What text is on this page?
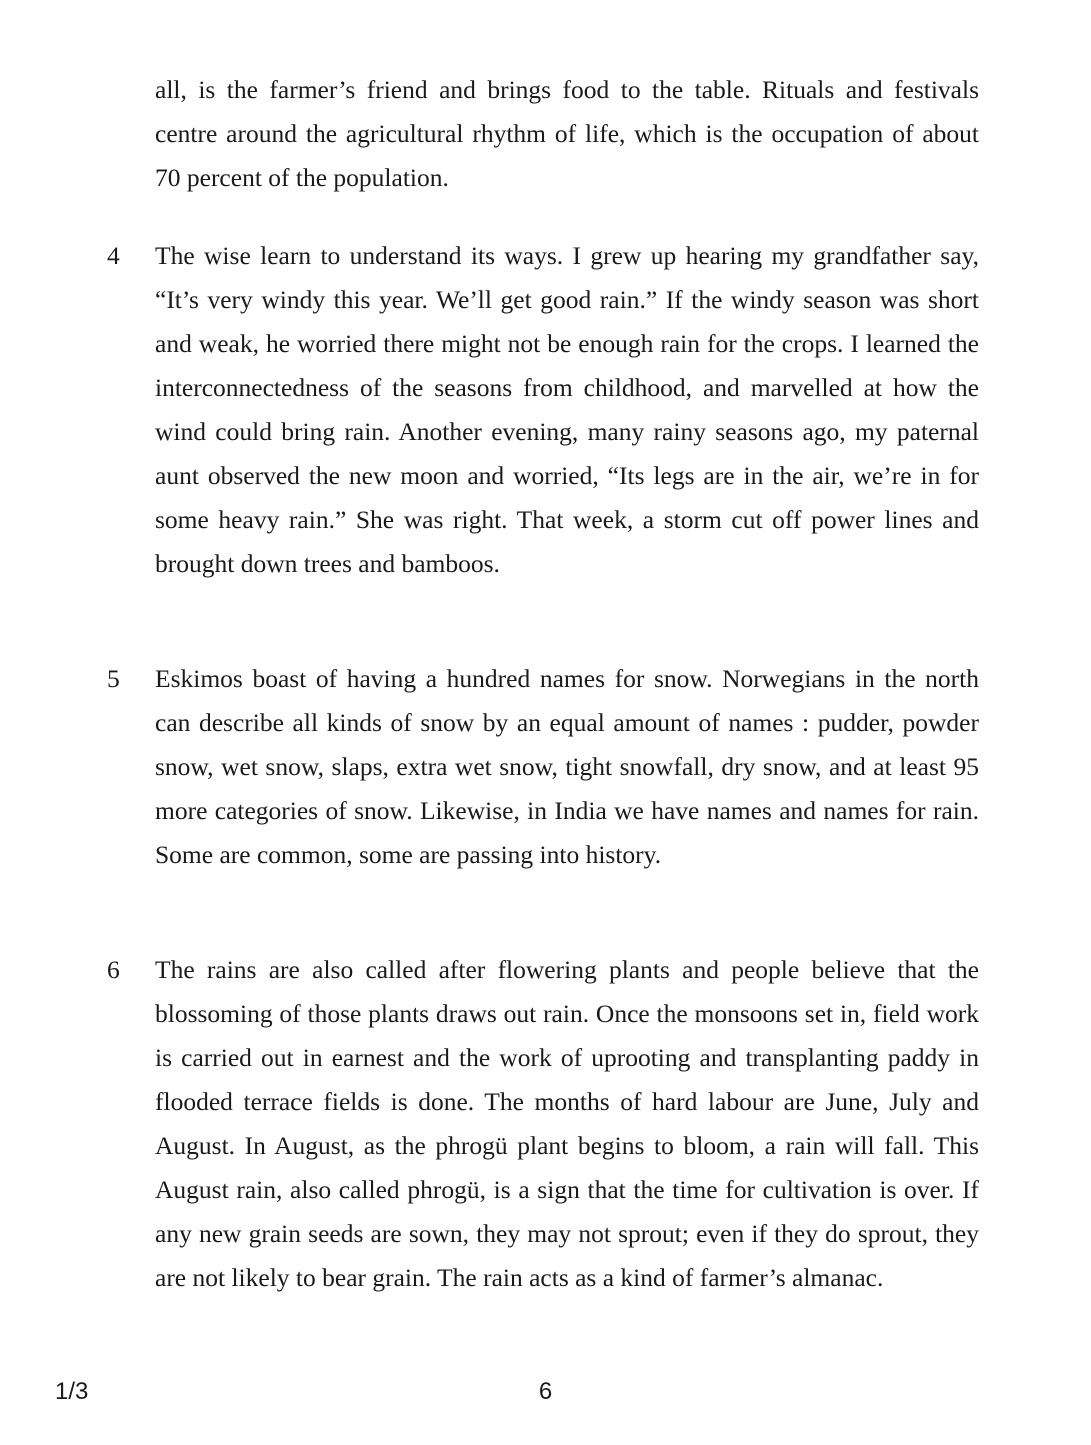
all, is the farmer’s friend and brings food to the table. Rituals and festivals centre around the agricultural rhythm of life, which is the occupation of about 70 percent of the population.

4 The wise learn to understand its ways. I grew up hearing my grandfather say, “It’s very windy this year. We’ll get good rain.” If the windy season was short and weak, he worried there might not be enough rain for the crops. I learned the interconnectedness of the seasons from childhood, and marvelled at how the wind could bring rain. Another evening, many rainy seasons ago, my paternal aunt observed the new moon and worried, “Its legs are in the air, we’re in for some heavy rain.” She was right. That week, a storm cut off power lines and brought down trees and bamboos.

5 Eskimos boast of having a hundred names for snow. Norwegians in the north can describe all kinds of snow by an equal amount of names : pudder, powder snow, wet snow, slaps, extra wet snow, tight snowfall, dry snow, and at least 95 more categories of snow. Likewise, in India we have names and names for rain. Some are common, some are passing into history.

6 The rains are also called after flowering plants and people believe that the blossoming of those plants draws out rain. Once the monsoons set in, field work is carried out in earnest and the work of uprooting and transplanting paddy in flooded terrace fields is done. The months of hard labour are June, July and August. In August, as the phrogü plant begins to bloom, a rain will fall. This August rain, also called phrogü, is a sign that the time for cultivation is over. If any new grain seeds are sown, they may not sprout; even if they do sprout, they are not likely to bear grain. The rain acts as a kind of farmer’s almanac.

1/3	6
